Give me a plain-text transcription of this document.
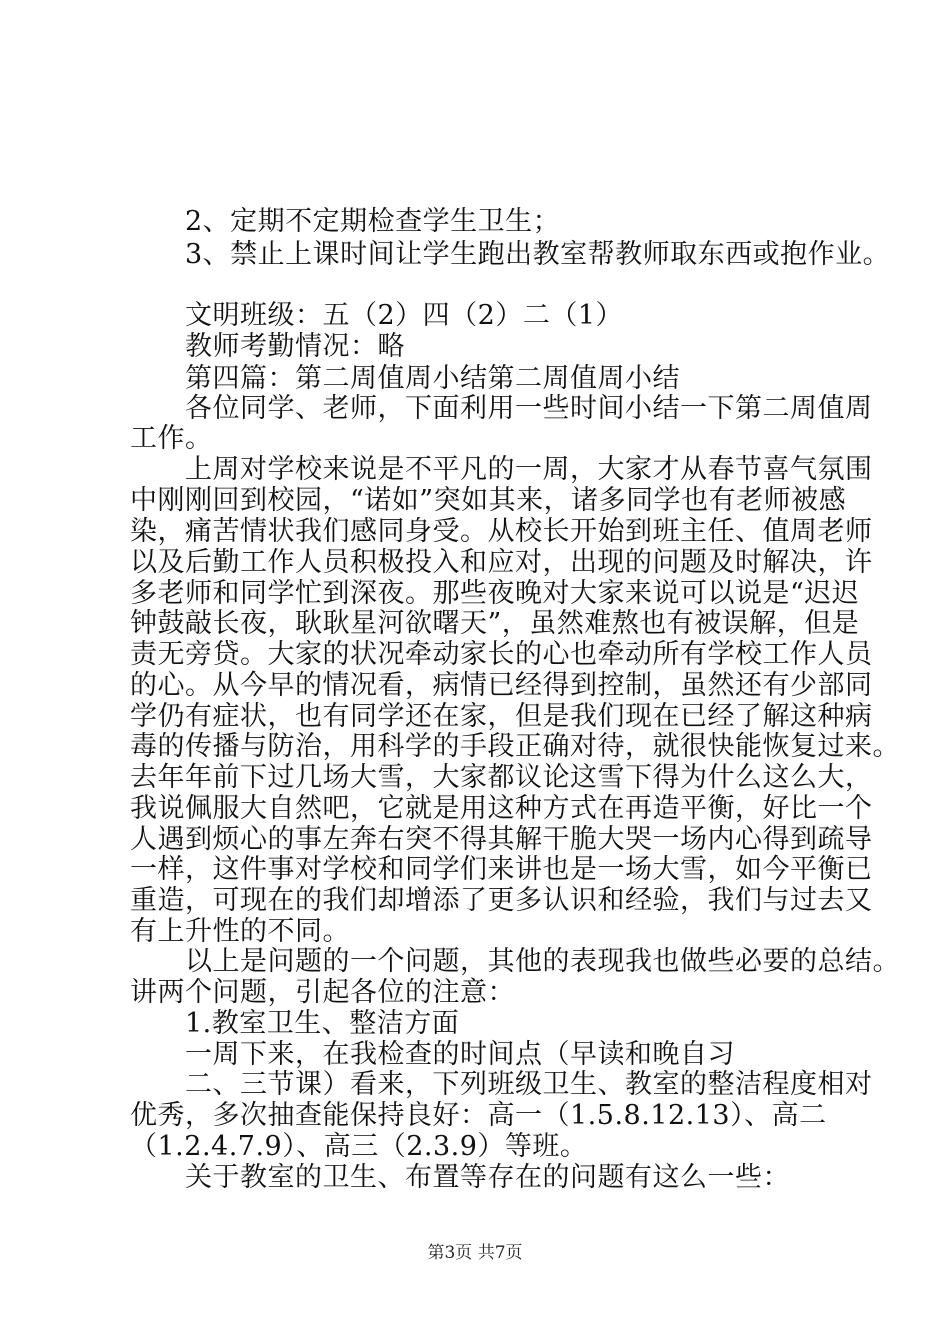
　　2、定期不定期检查学生卫生；
　　3、禁止上课时间让学生跑出教室帮教师取东西或抱作业。
　　文明班级：五（2）四（2）二（1）
　　教师考勤情况：略
　　第四篇：第二周值周小结第二周值周小结
　　各位同学、老师，下面利用一些时间小结一下第二周值周
工作。
　　上周对学校来说是不平凡的一周，大家才从春节喜气氛围
中刚刚回到校园，“诺如”突如其来，诸多同学也有老师被感
染，痛苦情状我们感同身受。从校长开始到班主任、值周老师
以及后勤工作人员积极投入和应对，出现的问题及时解决，许
多老师和同学忙到深夜。那些夜晚对大家来说可以说是“迟迟
钟鼓敲长夜，耿耿星河欲曙天”，虽然难熬也有被误解，但是
责无旁贷。大家的状况牵动家长的心也牵动所有学校工作人员
的心。从今早的情况看，病情已经得到控制，虽然还有少部同
学仍有症状，也有同学还在家，但是我们现在已经了解这种病
毒的传播与防治，用科学的手段正确对待，就很快能恢复过来。
去年年前下过几场大雪，大家都议论这雪下得为什么这么大，
我说佩服大自然吧，它就是用这种方式在再造平衡，好比一个
人遇到烦心的事左奔右突不得其解干脆大哭一场内心得到疏导
一样，这件事对学校和同学们来讲也是一场大雪，如今平衡已
重造，可现在的我们却增添了更多认识和经验，我们与过去又
有上升性的不同。
　　以上是问题的一个问题，其他的表现我也做些必要的总结。
讲两个问题，引起各位的注意：
　　1.教室卫生、整洁方面
　　一周下来，在我检查的时间点（早读和晚自习
　　二、三节课）看来，下列班级卫生、教室的整洁程度相对
优秀，多次抽查能保持良好：高一（1.5.8.12.13）、高二
（1.2.4.7.9）、高三（2.3.9）等班。
　　关于教室的卫生、布置等存在的问题有这么一些：
第3页 共7页
